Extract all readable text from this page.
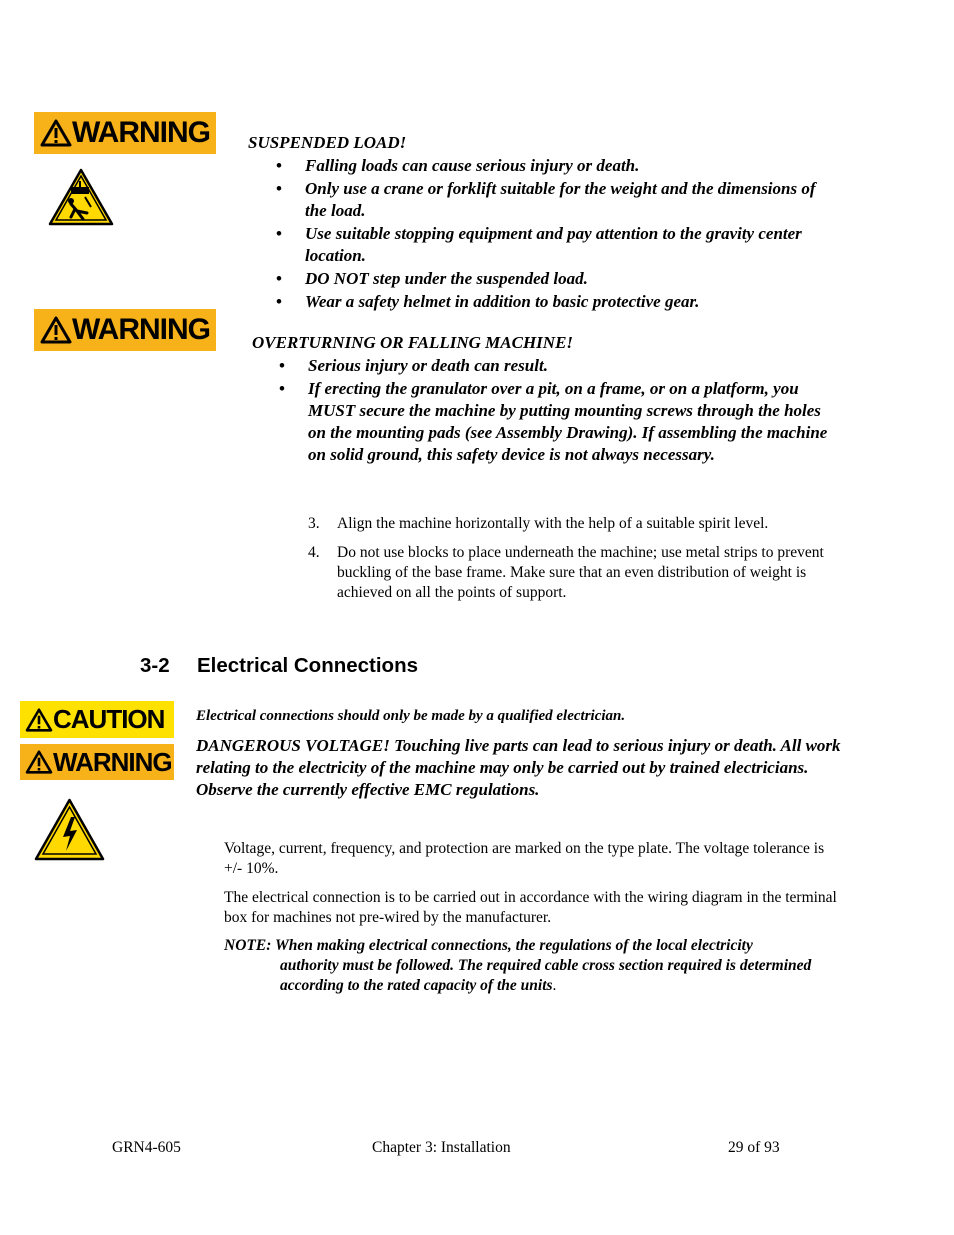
WARNING SUSPENDED LOAD!
• Falling loads can cause serious injury or death.
• Only use a crane or forklift suitable for the weight and the dimensions of the load.
• Use suitable stopping equipment and pay attention to the gravity center location.
• DO NOT step under the suspended load.
• Wear a safety helmet in addition to basic protective gear.
WARNING OVERTURNING OR FALLING MACHINE!
• Serious injury or death can result.
• If erecting the granulator over a pit, on a frame, or on a platform, you MUST secure the machine by putting mounting screws through the holes on the mounting pads (see Assembly Drawing). If assembling the machine on solid ground, this safety device is not always necessary.
3. Align the machine horizontally with the help of a suitable spirit level.
4. Do not use blocks to place underneath the machine; use metal strips to prevent buckling of the base frame. Make sure that an even distribution of weight is achieved on all the points of support.
3-2 Electrical Connections
CAUTION
WARNING
Electrical connections should only be made by a qualified electrician.
DANGEROUS VOLTAGE! Touching live parts can lead to serious injury or death. All work relating to the electricity of the machine may only be carried out by trained electricians. Observe the currently effective EMC regulations.
Voltage, current, frequency, and protection are marked on the type plate. The voltage tolerance is +/- 10%.
The electrical connection is to be carried out in accordance with the wiring diagram in the terminal box for machines not pre-wired by the manufacturer.
NOTE: When making electrical connections, the regulations of the local electricity
authority must be followed. The required cable cross section required is determined according to the rated capacity of the units.
GRN4-605	Chapter 3: Installation	29 of 93
